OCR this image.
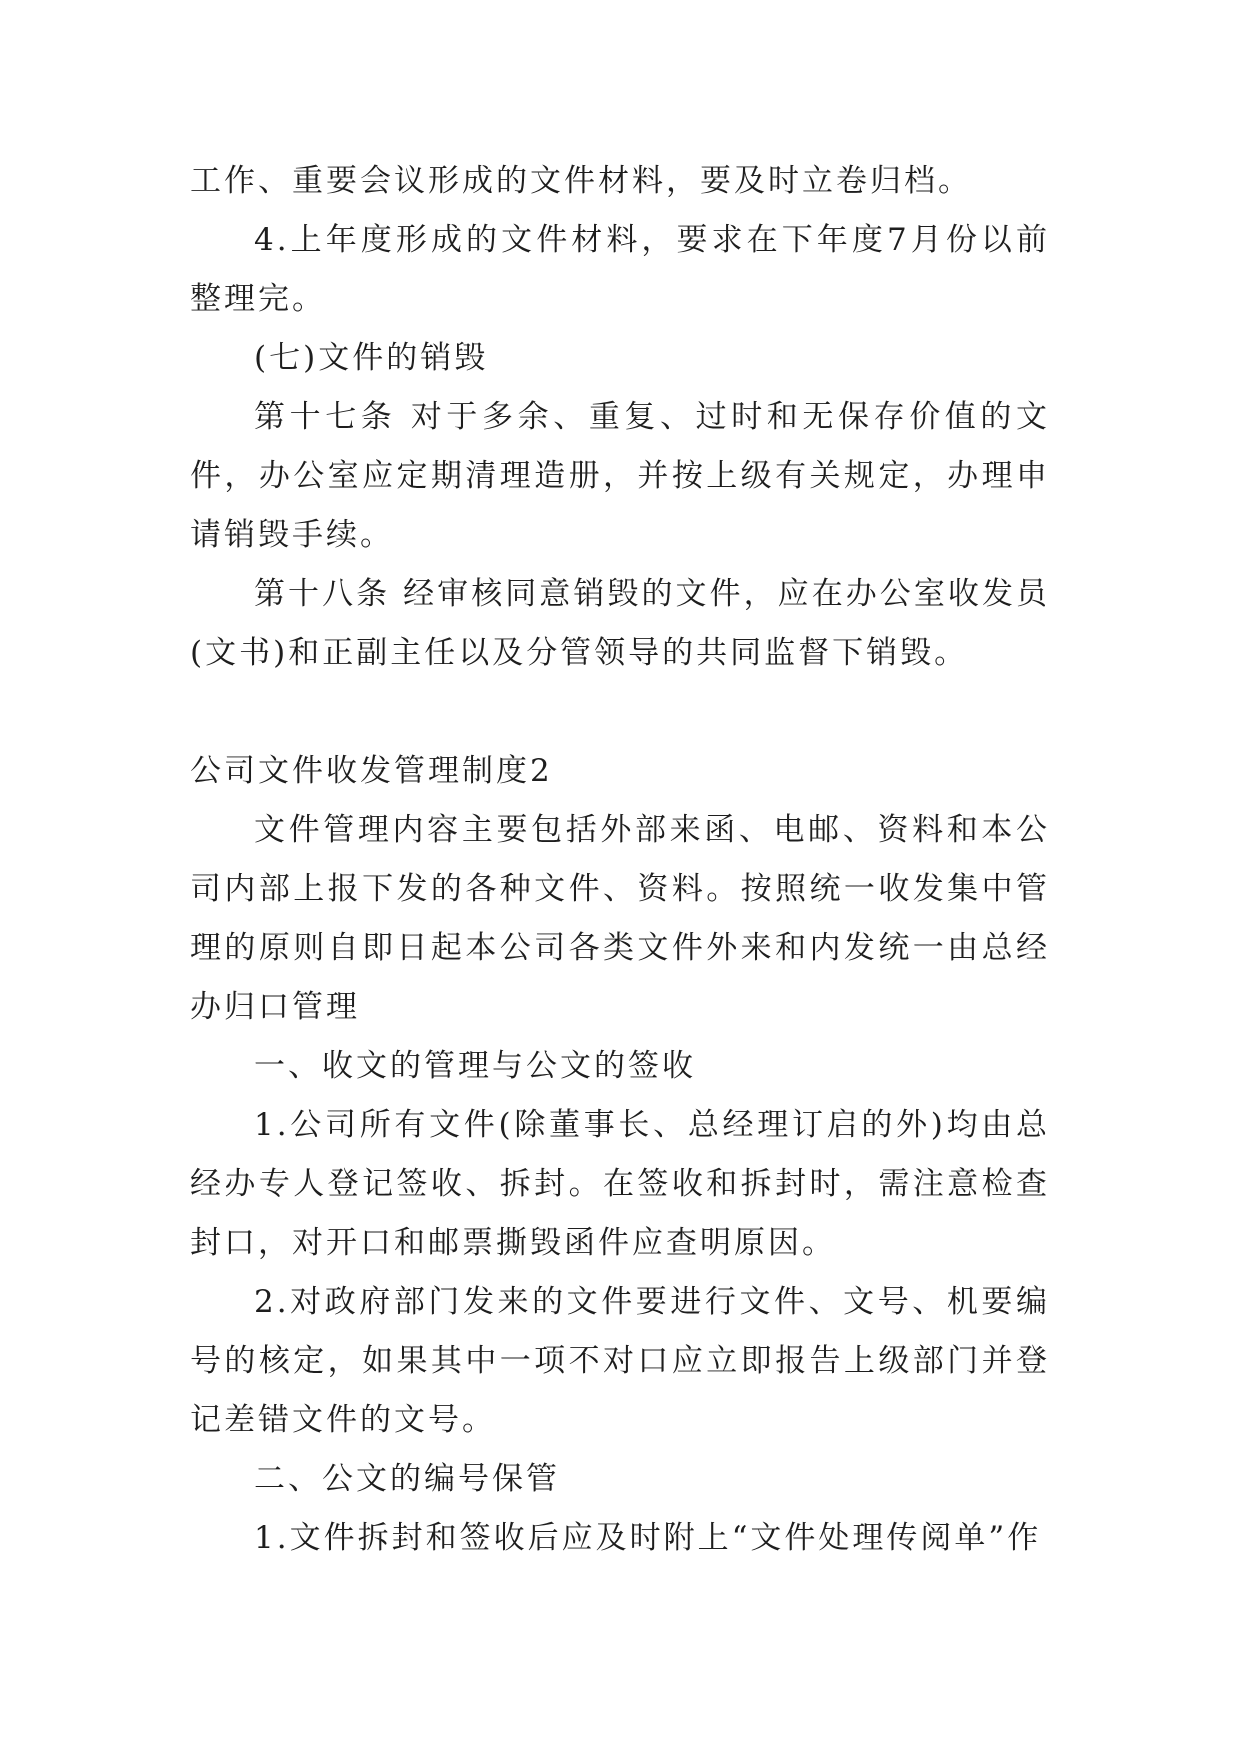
工作、重要会议形成的文件材料，要及时立卷归档。

4.上年度形成的文件材料，要求在下年度7月份以前整理完。

(七)文件的销毁

第十七条 对于多余、重复、过时和无保存价值的文件，办公室应定期清理造册，并按上级有关规定，办理申请销毁手续。

第十八条 经审核同意销毁的文件，应在办公室收发员(文书)和正副主任以及分管领导的共同监督下销毁。

公司文件收发管理制度2

文件管理内容主要包括外部来函、电邮、资料和本公司内部上报下发的各种文件、资料。按照统一收发集中管理的原则自即日起本公司各类文件外来和内发统一由总经办归口管理

一、收文的管理与公文的签收

1.公司所有文件(除董事长、总经理订启的外)均由总经办专人登记签收、拆封。在签收和拆封时，需注意检查封口，对开口和邮票撕毁函件应查明原因。

2.对政府部门发来的文件要进行文件、文号、机要编号的核定，如果其中一项不对口应立即报告上级部门并登记差错文件的文号。

二、公文的编号保管

1.文件拆封和签收后应及时附上“文件处理传阅单”作
